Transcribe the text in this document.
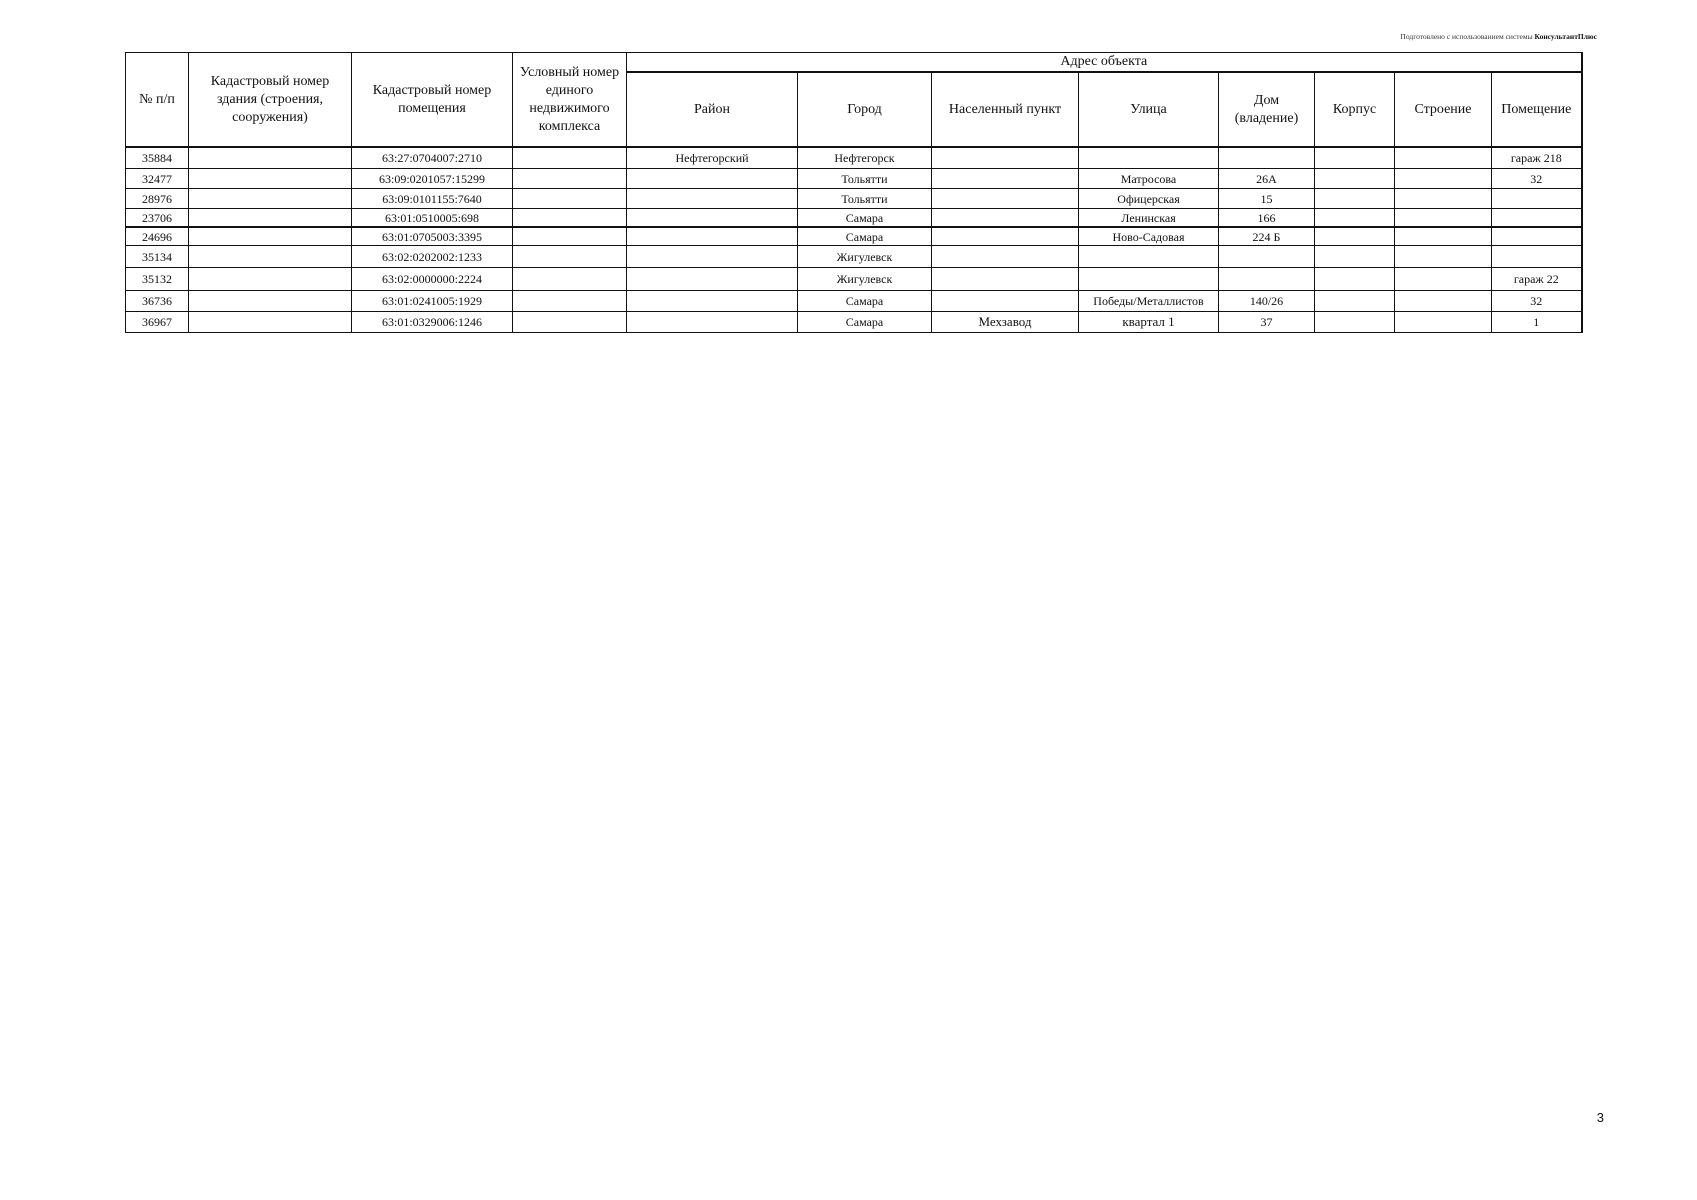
Подготовлено с использованием системы КонсультантПлюс
№ п/п	Кадастровый номер здания (строения, сооружения)	Кадастровый номер помещения	Условный номер единого недвижимого комплекса	Адрес объекта							
				Район	Город	Населенный пункт	Улица	Дом (владение)	Корпус	Строение	Помещение
35884		63:27:0704007:2710		Нефтегорский	Нефтегорск						гараж 218
32477		63:09:0201057:15299			Тольятти		Матросова	26А			32
28976		63:09:0101155:7640			Тольятти		Офицерская	15			
23706		63:01:0510005:698			Самара		Ленинская	166			
24696		63:01:0705003:3395			Самара		Ново-Садовая	224 Б			
35134		63:02:0202002:1233			Жигулевск						
35132		63:02:0000000:2224			Жигулевск						гараж 22
36736		63:01:0241005:1929			Самара		Победы/Металлистов	140/26			32
36967		63:01:0329006:1246			Самара	Мехзавод	квартал 1	37			1
3
